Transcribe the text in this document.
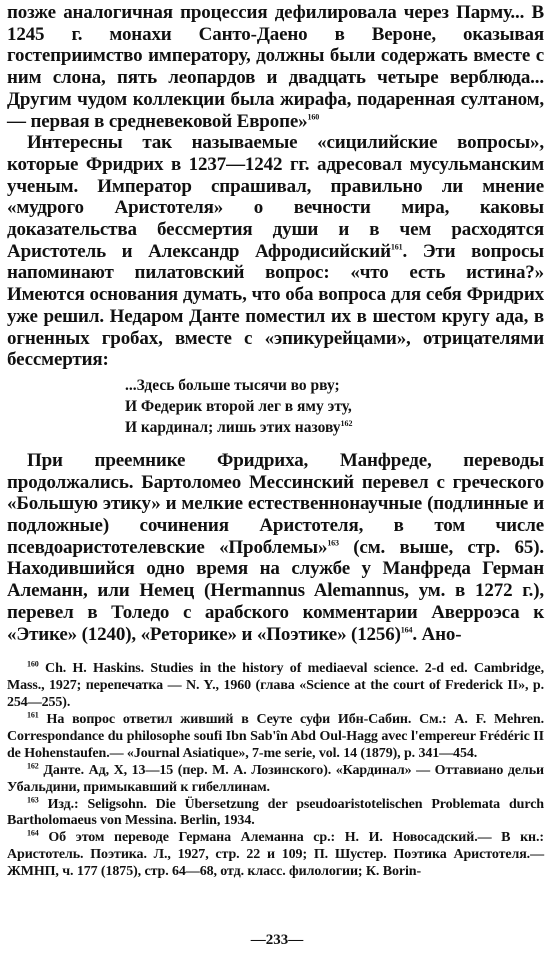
позже аналогичная процессия дефилировала через Парму... В 1245 г. монахи Санто-Даено в Вероне, оказывая гостеприимство императору, должны были содержать вместе с ним слона, пять леопардов и двадцать четыре верблюда... Другим чудом коллекции была жирафа, подаренная султаном,— первая в средневековой Европе»$^{160}$

Интересны так называемые «сицилийские вопросы», которые Фридрих в 1237—1242 гг. адресовал мусульманским ученым. Император спрашивал, правильно ли мнение «мудрого Аристотеля» о вечности мира, каковы доказательства бессмертия души и в чем расходятся Аристотель и Александр Афродисийский$^{161}$. Эти вопросы напоминают пилатовский вопрос: «что есть истина?» Имеются основания думать, что оба вопроса для себя Фридрих уже решил. Недаром Данте поместил их в шестом кругу ада, в огненных гробах, вместе с «эпикурейцами», отрицателями бессмертия:

...Здесь больше тысячи во рву;
И Федерик второй лег в яму эту,
И кардинал; лишь этих назову$^{162}$

При преемнике Фридриха, Манфреде, переводы продолжались. Бартоломео Мессинский перевел с греческого «Большую этику» и мелкие естественнонаучные (подлинные и подложные) сочинения Аристотеля, в том числе псевдоаристотелевские «Проблемы»$^{163}$ (см. выше, стр. 65). Находившийся одно время на службе у Манфреда Герман Алеманн, или Немец (Hermannus Alemannus, ум. в 1272 г.), перевел в Толедо с арабского комментарии Аверроэса к «Этике» (1240), «Реторике» и «Поэтике» $(1256)^{164}$. Ано-

$^{160}$ Ch. H. Haskins. Studies in the history of mediaeval science. 2-d ed. Cambridge, Mass., 1927; перепечатка — N. Y., 1960 (глава «Science at the court of Frederick II», p. 254—255).

$^{161}$ На вопрос ответил живший в Сеуте суфи Ибн-Сабин. См.: A. F. Mehren. Correspondance du philosophe soufi Ibn Sab'în Abd Oul-Hagg avec l'empereur Frédéric II de Hohenstaufen.— «Journal Asiatique», 7-me serie, vol. 14 (1879), p. 341—454.

$^{162}$ Данте. Ад, X, 13—15 (пер. М. А. Лозинского). «Кардинал» — Оттавиано дельи Убальдини, примыкавший к гибеллинам.

$^{163}$ Изд.: Seligsohn. Die Übersetzung der pseudoaristotelischen Problemata durch Bartholomaeus von Messina. Berlin, 1934.

$^{164}$ Об этом переводе Германа Алеманна ср.: Н. И. Новосадский.— В кн.: Аристотель. Поэтика. Л., 1927, стр. 22 и 109; П. Шустер. Поэтика Аристотеля.— ЖМНП, ч. 177 (1875), стр. 64—68, отд. класс. филологии; К. Borin-

—233—
